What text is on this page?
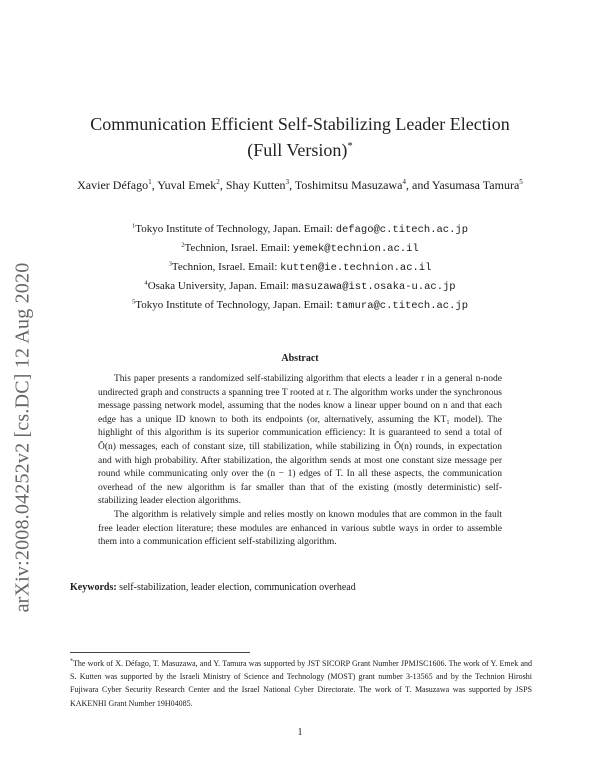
arXiv:2008.04252v2 [cs.DC] 12 Aug 2020
Communication Efficient Self-Stabilizing Leader Election
(Full Version)*
Xavier Défago$^1$, Yuval Emek$^2$, Shay Kutten$^3$, Toshimitsu Masuzawa$^4$, and Yasumasa Tamura$^5$
$^1$Tokyo Institute of Technology, Japan. Email: defago@c.titech.ac.jp
$^2$Technion, Israel. Email: yemek@technion.ac.il
$^3$Technion, Israel. Email: kutten@ie.technion.ac.il
$^4$Osaka University, Japan. Email: masuzawa@ist.osaka-u.ac.jp
$^5$Tokyo Institute of Technology, Japan. Email: tamura@c.titech.ac.jp
Abstract

This paper presents a randomized self-stabilizing algorithm that elects a leader r in a general n-node undirected graph and constructs a spanning tree T rooted at r. The algorithm works under the synchronous message passing network model, assuming that the nodes know a linear upper bound on n and that each edge has a unique ID known to both its endpoints (or, alternatively, assuming the KT₁ model). The highlight of this algorithm is its superior communication efficiency: It is guaranteed to send a total of Õ(n) messages, each of constant size, till stabilization, while stabilizing in Õ(n) rounds, in expectation and with high probability. After stabilization, the algorithm sends at most one constant size message per round while communicating only over the (n − 1) edges of T. In all these aspects, the communication overhead of the new algorithm is far smaller than that of the existing (mostly deterministic) self-stabilizing leader election algorithms.

The algorithm is relatively simple and relies mostly on known modules that are common in the fault free leader election literature; these modules are enhanced in various subtle ways in order to assemble them into a communication efficient self-stabilizing algorithm.

Keywords: self-stabilization, leader election, communication overhead
*The work of X. Défago, T. Masuzawa, and Y. Tamura was supported by JST SICORP Grant Number JPMJSC1606. The work of Y. Emek and S. Kutten was supported by the Israeli Ministry of Science and Technology (MOST) grant number 3-13565 and by the Technion Hiroshi Fujiwara Cyber Security Research Center and the Israel National Cyber Directorate. The work of T. Masuzawa was supported by JSPS KAKENHI Grant Number 19H04085.
1
